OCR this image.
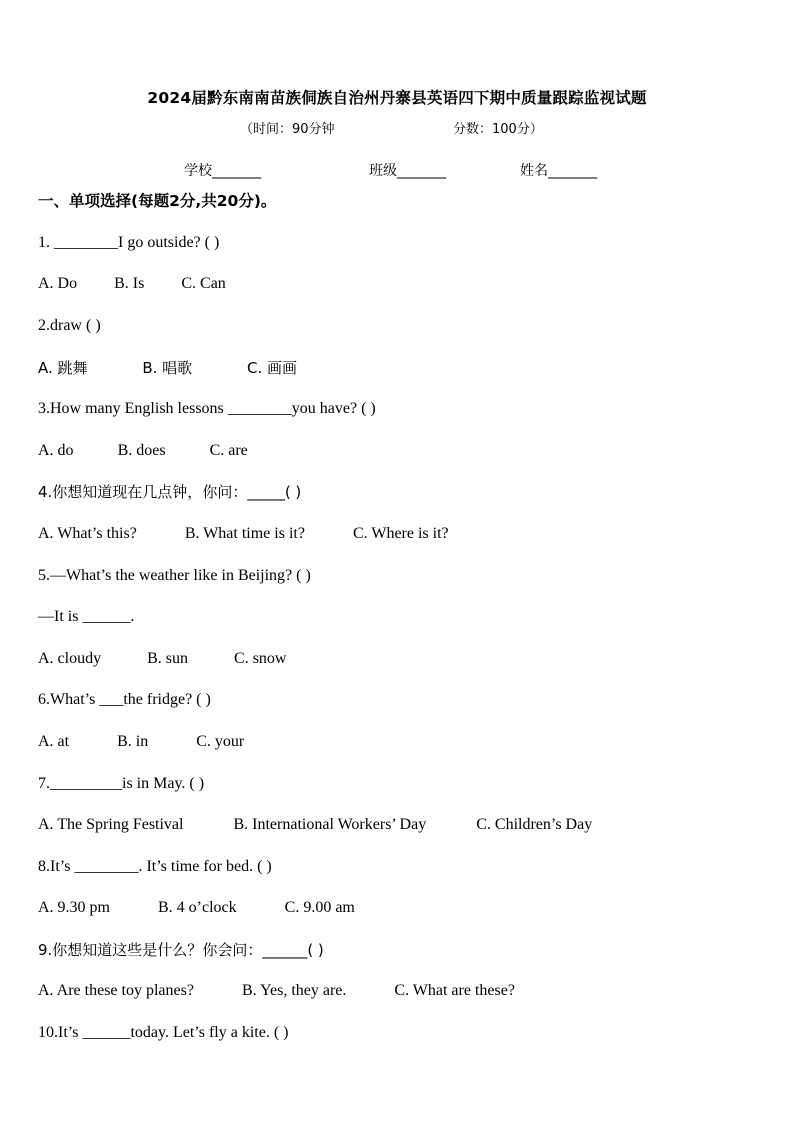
2024届黔东南南苗族侗族自治州丹寨县英语四下期中质量跟踪监视试题
（时间：90分钟	分数：100分）
学校_______	班级_______	姓名_______
一、单项选择(每题2分,共20分)。
1. ________I go outside? ( )
A. Do B. Is C. Can
2.draw ( )
A. 跳舞	B. 唱歌	C. 画画
3.How many English lessons ________you have? ( )
A. do	B. does	C. are
4.你想知道现在几点钟，你问：_____( )
A. What’s this?	B. What time is it?	C. Where is it?
5.—What’s the weather like in Beijing? ( )
—It is ______.
A. cloudy	B. sun	C. snow
6.What’s ___the fridge? ( )
A. at	B. in	C. your
7._________is in May. ( )
A. The Spring Festival	B. International Workers’ Day	C. Children’s Day
8.It’s ________. It’s time for bed. ( )
A. 9.30 pm	B. 4 o’clock	C. 9.00 am
9.你想知道这些是什么？你会问：______( )
A. Are these toy planes?	B. Yes, they are.	C. What are these?
10.It’s ______today. Let’s fly a kite. ( )
